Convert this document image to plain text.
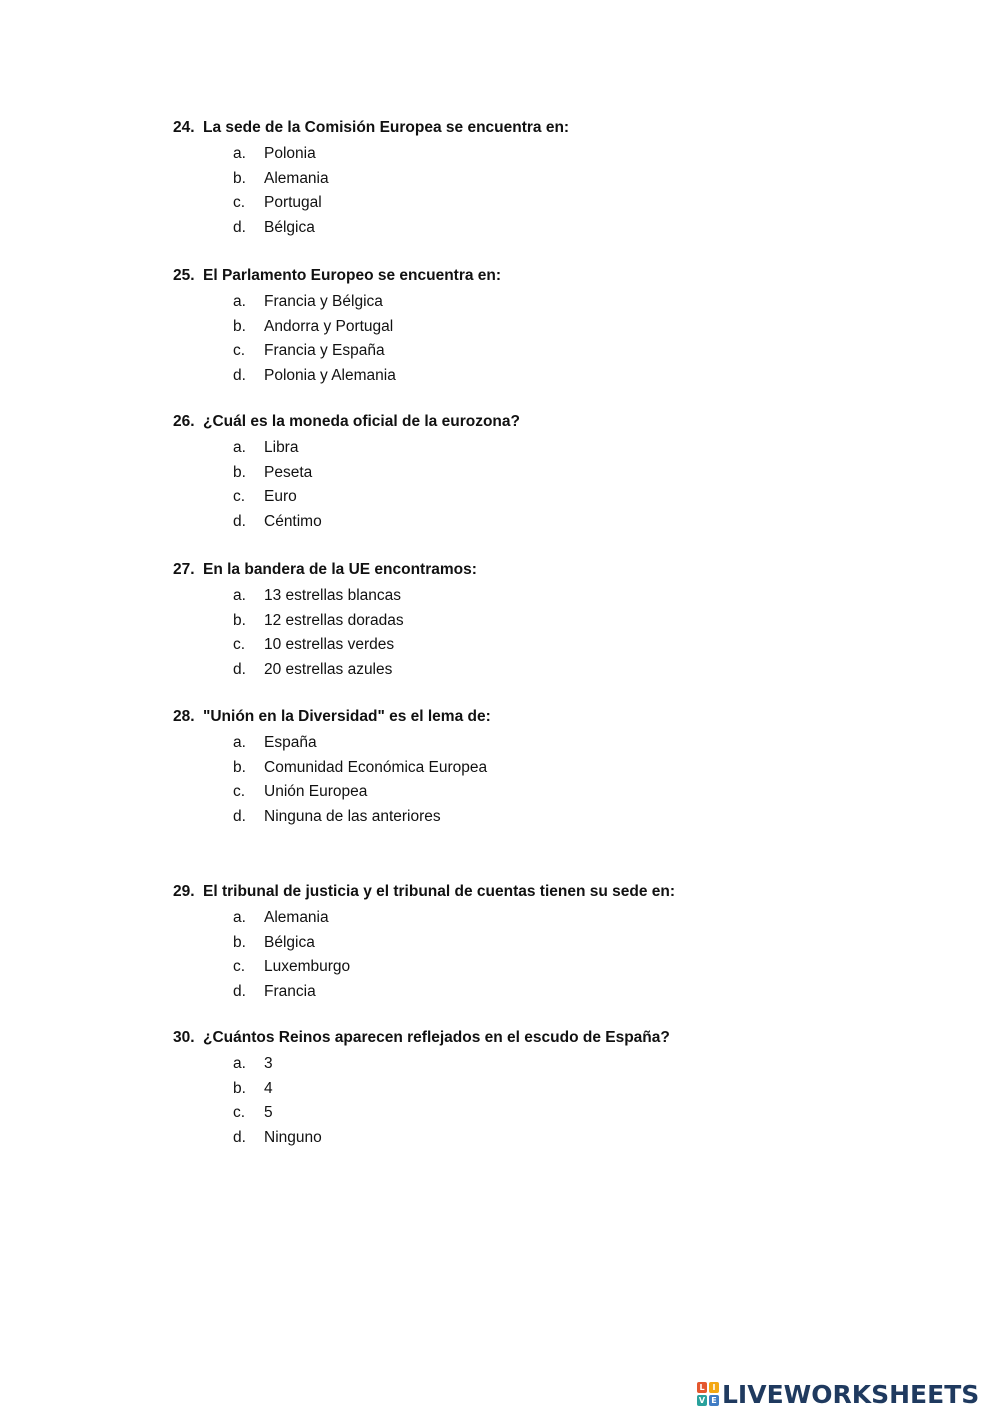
24. La sede de la Comisión Europea se encuentra en:
a. Polonia
b. Alemania
c. Portugal
d. Bélgica
25. El Parlamento Europeo se encuentra en:
a. Francia y Bélgica
b. Andorra y Portugal
c. Francia y España
d. Polonia y Alemania
26. ¿Cuál es la moneda oficial de la eurozona?
a. Libra
b. Peseta
c. Euro
d. Céntimo
27. En la bandera de la UE encontramos:
a. 13 estrellas blancas
b. 12 estrellas doradas
c. 10 estrellas verdes
d. 20 estrellas azules
28. "Unión en la Diversidad" es el lema de:
a. España
b. Comunidad Económica Europea
c. Unión Europea
d. Ninguna de las anteriores
29. El tribunal de justicia y el tribunal de cuentas tienen su sede en:
a. Alemania
b. Bélgica
c. Luxemburgo
d. Francia
30. ¿Cuántos Reinos aparecen reflejados en el escudo de España?
a. 3
b. 4
c. 5
d. Ninguno
L I
V E LIVEWORKSHEETS
